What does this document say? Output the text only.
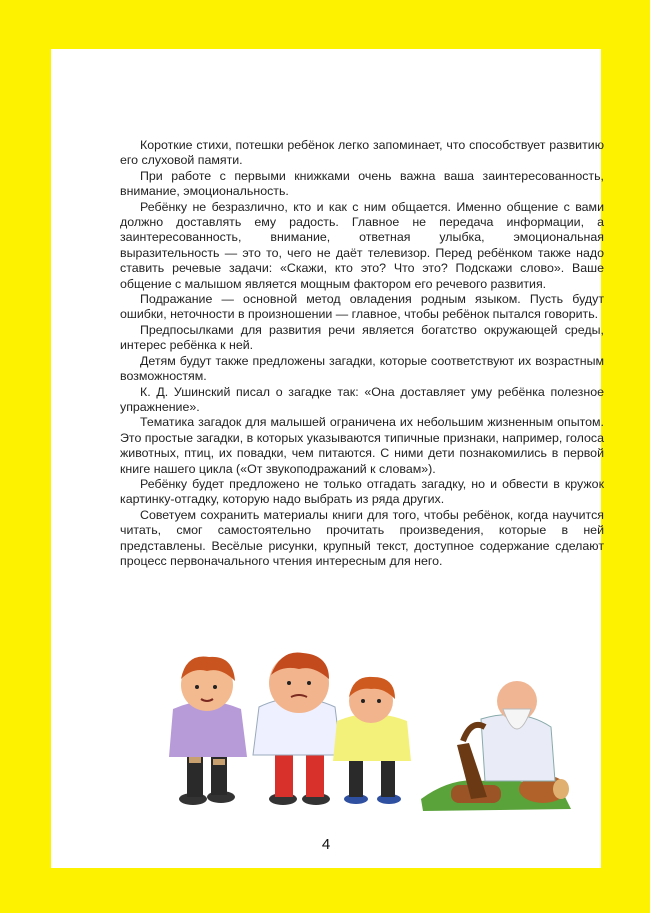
Короткие стихи, потешки ребёнок легко запоминает, что способствует развитию его слуховой памяти.

При работе с первыми книжками очень важна ваша заинтересованность, внимание, эмоциональность.

Ребёнку не безразлично, кто и как с ним общается. Именно общение с вами должно доставлять ему радость. Главное не передача информации, а заинтересованность, внимание, ответная улыбка, эмоциональная выразительность — это то, чего не даёт телевизор. Перед ребёнком также надо ставить речевые задачи: «Скажи, кто это? Что это? Подскажи слово». Ваше общение с малышом является мощным фактором его речевого развития.

Подражание — основной метод овладения родным языком. Пусть будут ошибки, неточности в произношении — главное, чтобы ребёнок пытался говорить.

Предпосылками для развития речи является богатство окружающей среды, интерес ребёнка к ней.

Детям будут также предложены загадки, которые соответствуют их возрастным возможностям.

К. Д. Ушинский писал о загадке так: «Она доставляет уму ребёнка полезное упражнение».

Тематика загадок для малышей ограничена их небольшим жизненным опытом. Это простые загадки, в которых указываются типичные признаки, например, голоса животных, птиц, их повадки, чем питаются. С ними дети познакомились в первой книге нашего цикла («От звукоподражаний к словам»).

Ребёнку будет предложено не только отгадать загадку, но и обвести в кружок картинку-отгадку, которую надо выбрать из ряда других.

Советуем сохранить материалы книги для того, чтобы ребёнок, когда научится читать, смог самостоятельно прочитать произведения, которые в ней представлены. Весёлые рисунки, крупный текст, доступное содержание сделают процесс первоначального чтения интересным для него.

4
